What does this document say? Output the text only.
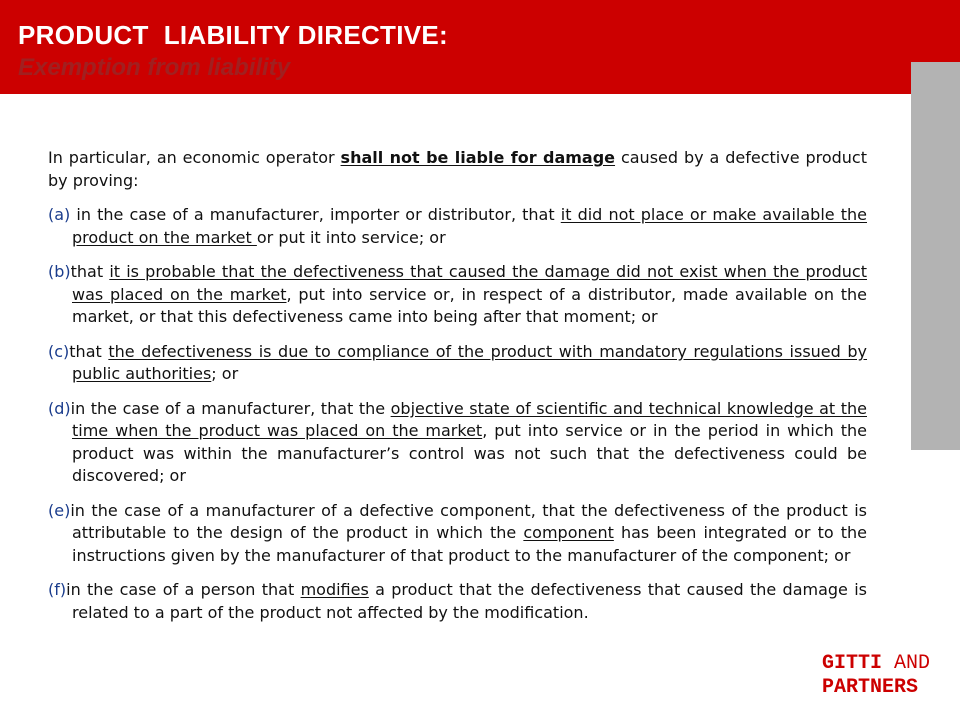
PRODUCT  LIABILITY DIRECTIVE:
Exemption from liability

In particular, an economic operator shall not be liable for damage caused by a defective product by proving:

(a) in the case of a manufacturer, importer or distributor, that it did not place or make available the product on the market or put it into service; or

(b)that it is probable that the defectiveness that caused the damage did not exist when the product was placed on the market, put into service or, in respect of a distributor, made available on the market, or that this defectiveness came into being after that moment; or

(c)that the defectiveness is due to compliance of the product with mandatory regulations issued by public authorities; or

(d)in the case of a manufacturer, that the objective state of scientific and technical knowledge at the time when the product was placed on the market, put into service or in the period in which the product was within the manufacturer’s control was not such that the defectiveness could be discovered; or

(e)in the case of a manufacturer of a defective component, that the defectiveness of the product is attributable to the design of the product in which the component has been integrated or to the instructions given by the manufacturer of that product to the manufacturer of the component; or

(f)in the case of a person that modifies a product that the defectiveness that caused the damage is related to a part of the product not affected by the modification.

GITTI AND
PARTNERS
